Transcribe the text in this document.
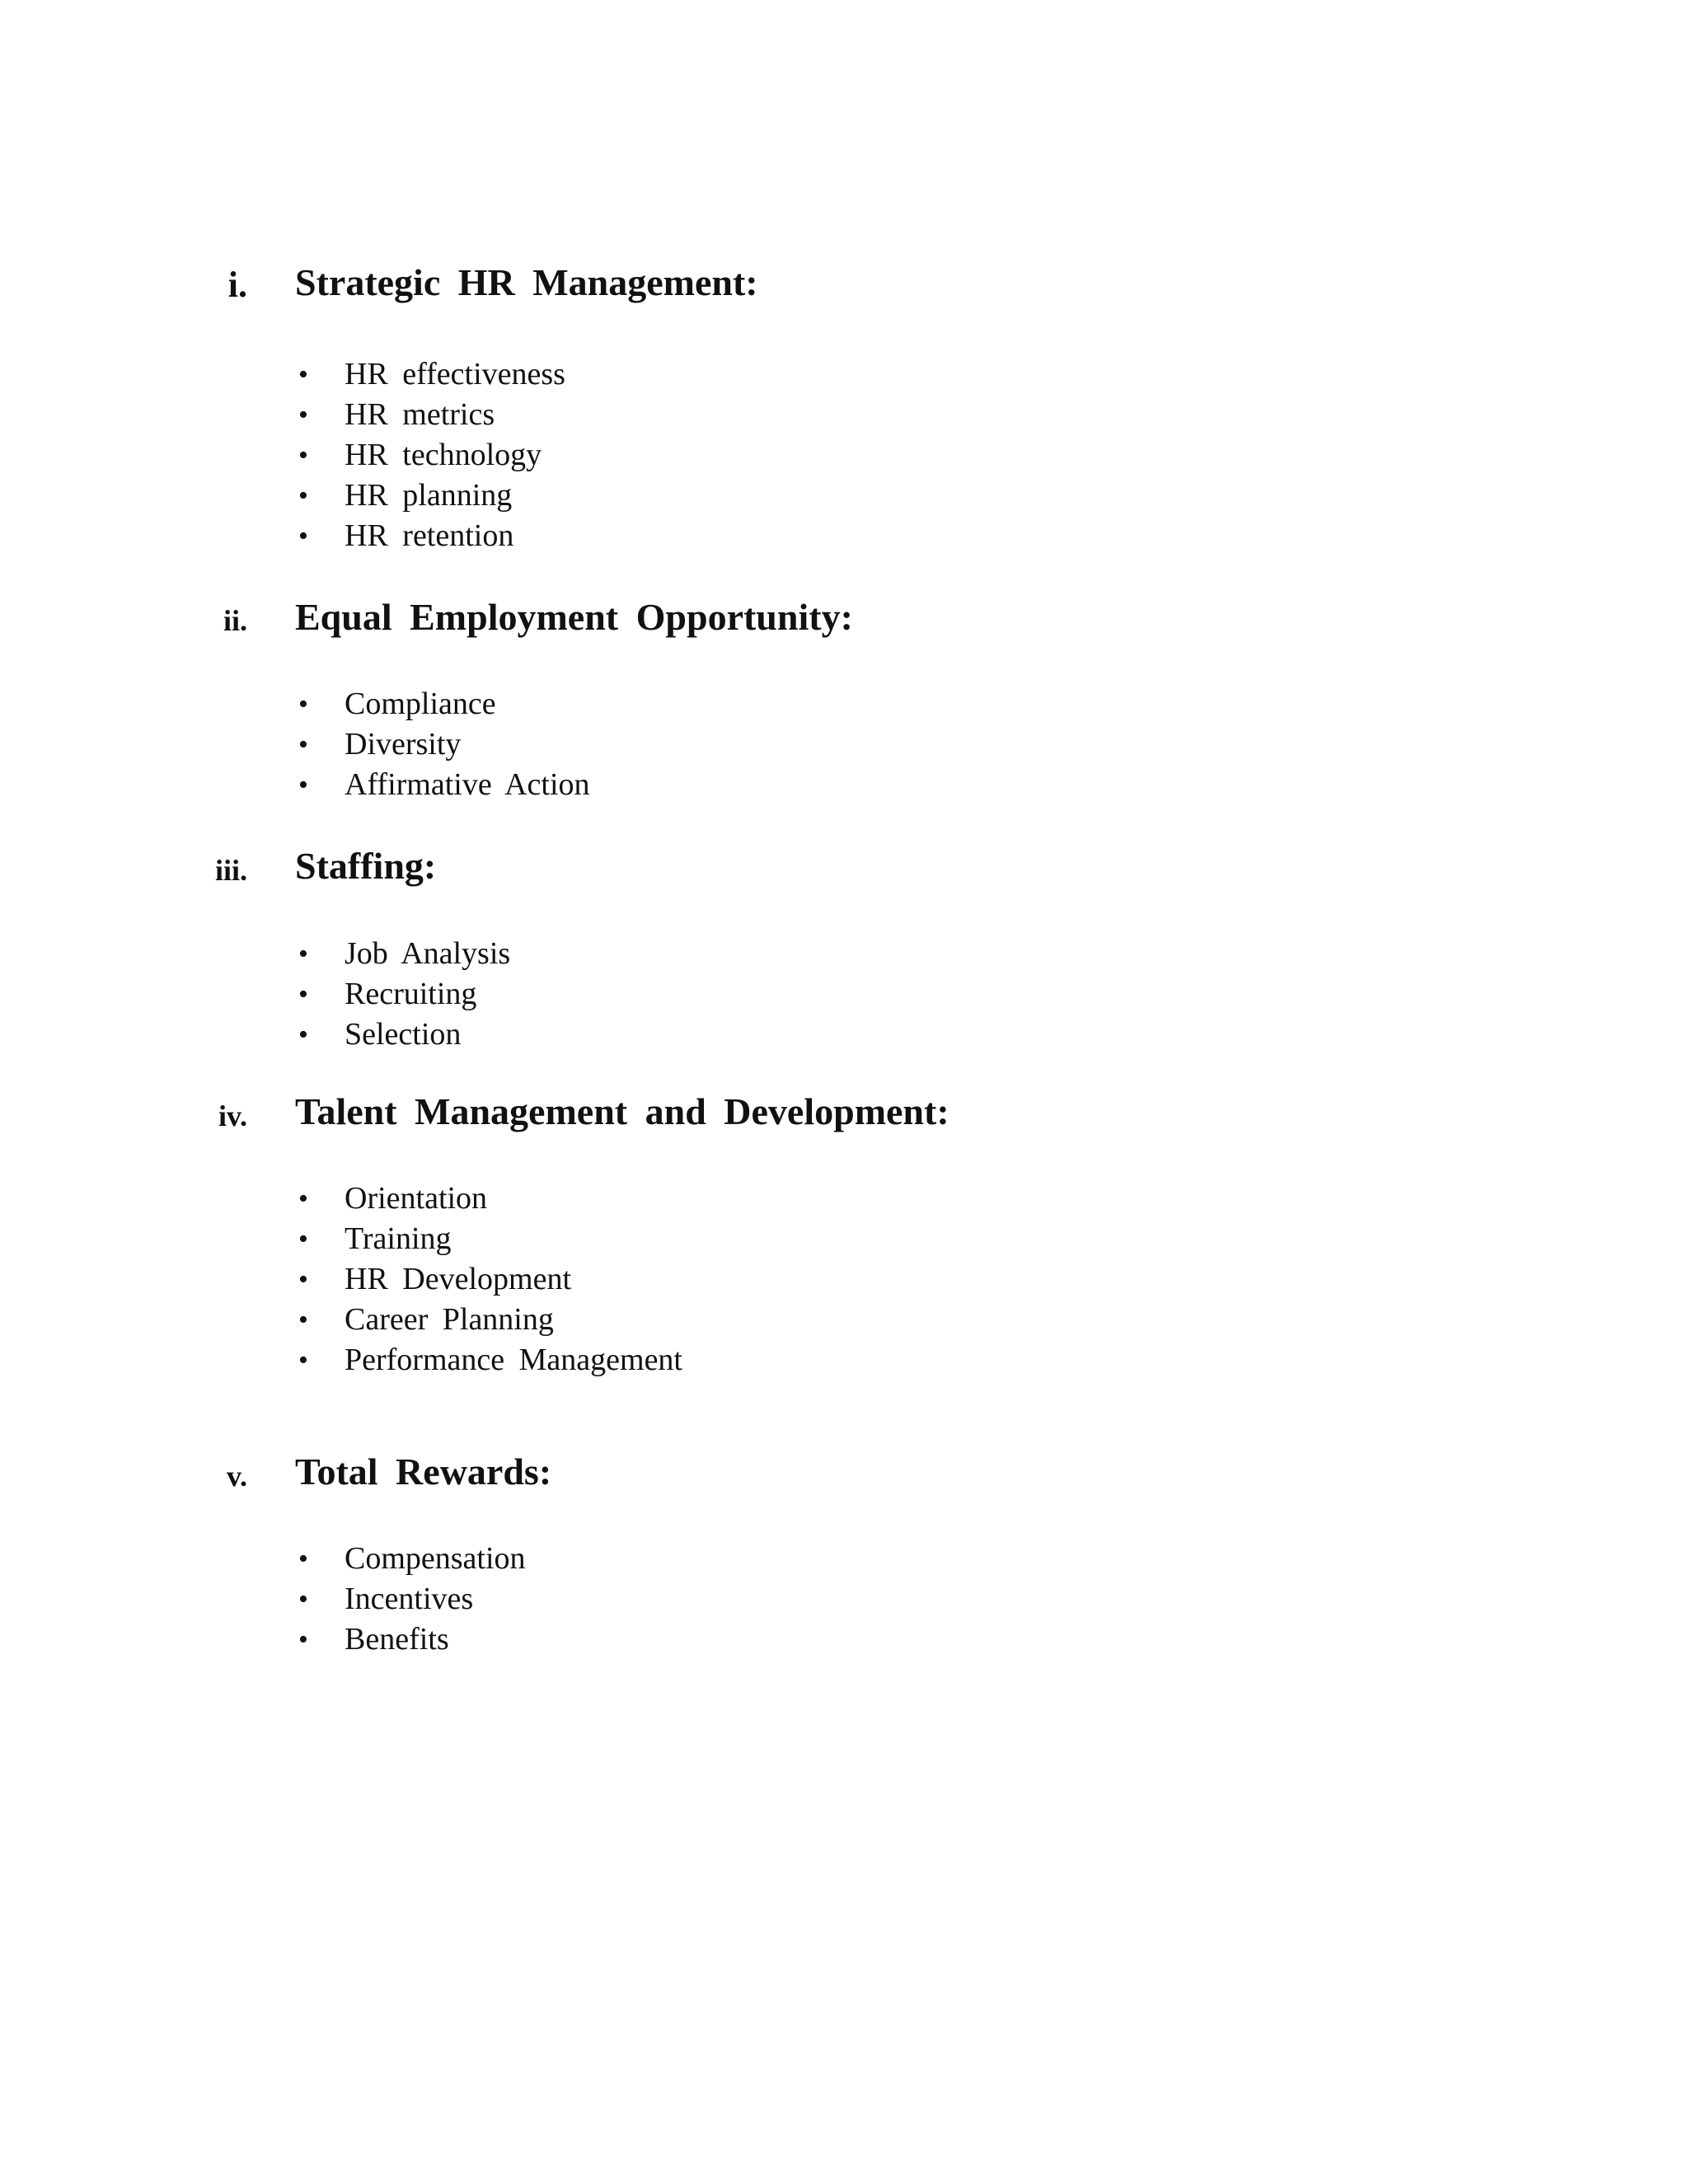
i. Strategic HR Management:
• HR effectiveness
• HR metrics
• HR technology
• HR planning
• HR retention
ii. Equal Employment Opportunity:
• Compliance
• Diversity
• Affirmative Action
iii. Staffing:
• Job Analysis
• Recruiting
• Selection
iv. Talent Management and Development:
• Orientation
• Training
• HR Development
• Career Planning
• Performance Management
v. Total Rewards:
• Compensation
• Incentives
• Benefits
